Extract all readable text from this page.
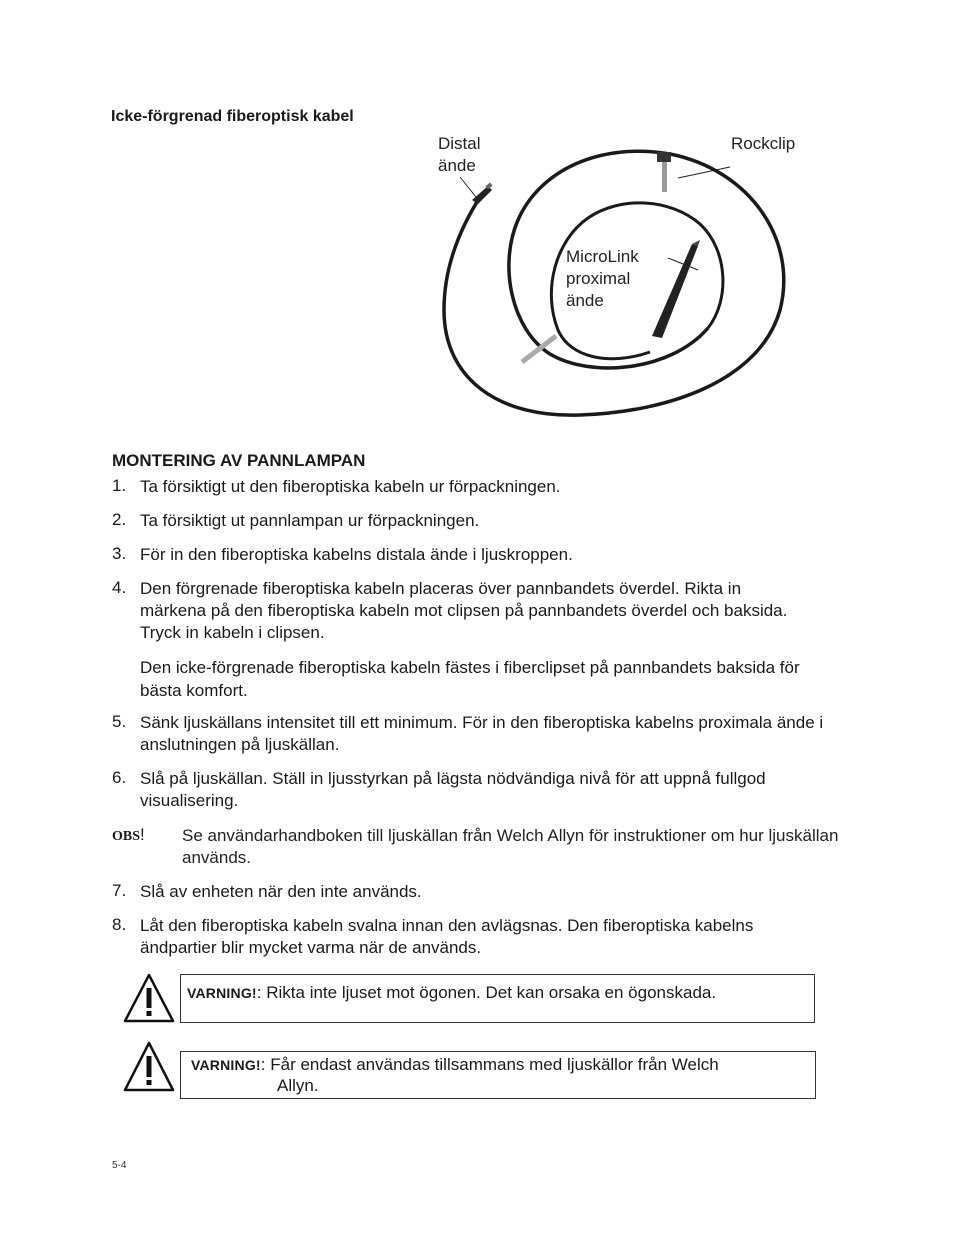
Icke-förgrenad fiberoptisk kabel
Distal
ände
Rockclip
MicroLink
proximal
ände
MONTERING AV PANNLAMPAN
1. Ta försiktigt ut den fiberoptiska kabeln ur förpackningen.
2. Ta försiktigt ut pannlampan ur förpackningen.
3. För in den fiberoptiska kabelns distala ände i ljuskroppen.
4. Den förgrenade fiberoptiska kabeln placeras över pannbandets överdel. Rikta in märkena på den fiberoptiska kabeln mot clipsen på pannbandets överdel och baksida. Tryck in kabeln i clipsen.
Den icke-förgrenade fiberoptiska kabeln fästes i fiberclipset på pannbandets baksida för bästa komfort.
5. Sänk ljuskällans intensitet till ett minimum. För in den fiberoptiska kabelns proximala ände i anslutningen på ljuskällan.
6. Slå på ljuskällan. Ställ in ljusstyrkan på lägsta nödvändiga nivå för att uppnå fullgod visualisering.
OBS! Se användarhandboken till ljuskällan från Welch Allyn för instruktioner om hur ljuskällan används.
7. Slå av enheten när den inte används.
8. Låt den fiberoptiska kabeln svalna innan den avlägsnas. Den fiberoptiska kabelns ändpartier blir mycket varma när de används.
VARNING!: Rikta inte ljuset mot ögonen. Det kan orsaka en ögonskada.
VARNING!: Får endast användas tillsammans med ljuskällor från Welch
Allyn.
5-4
